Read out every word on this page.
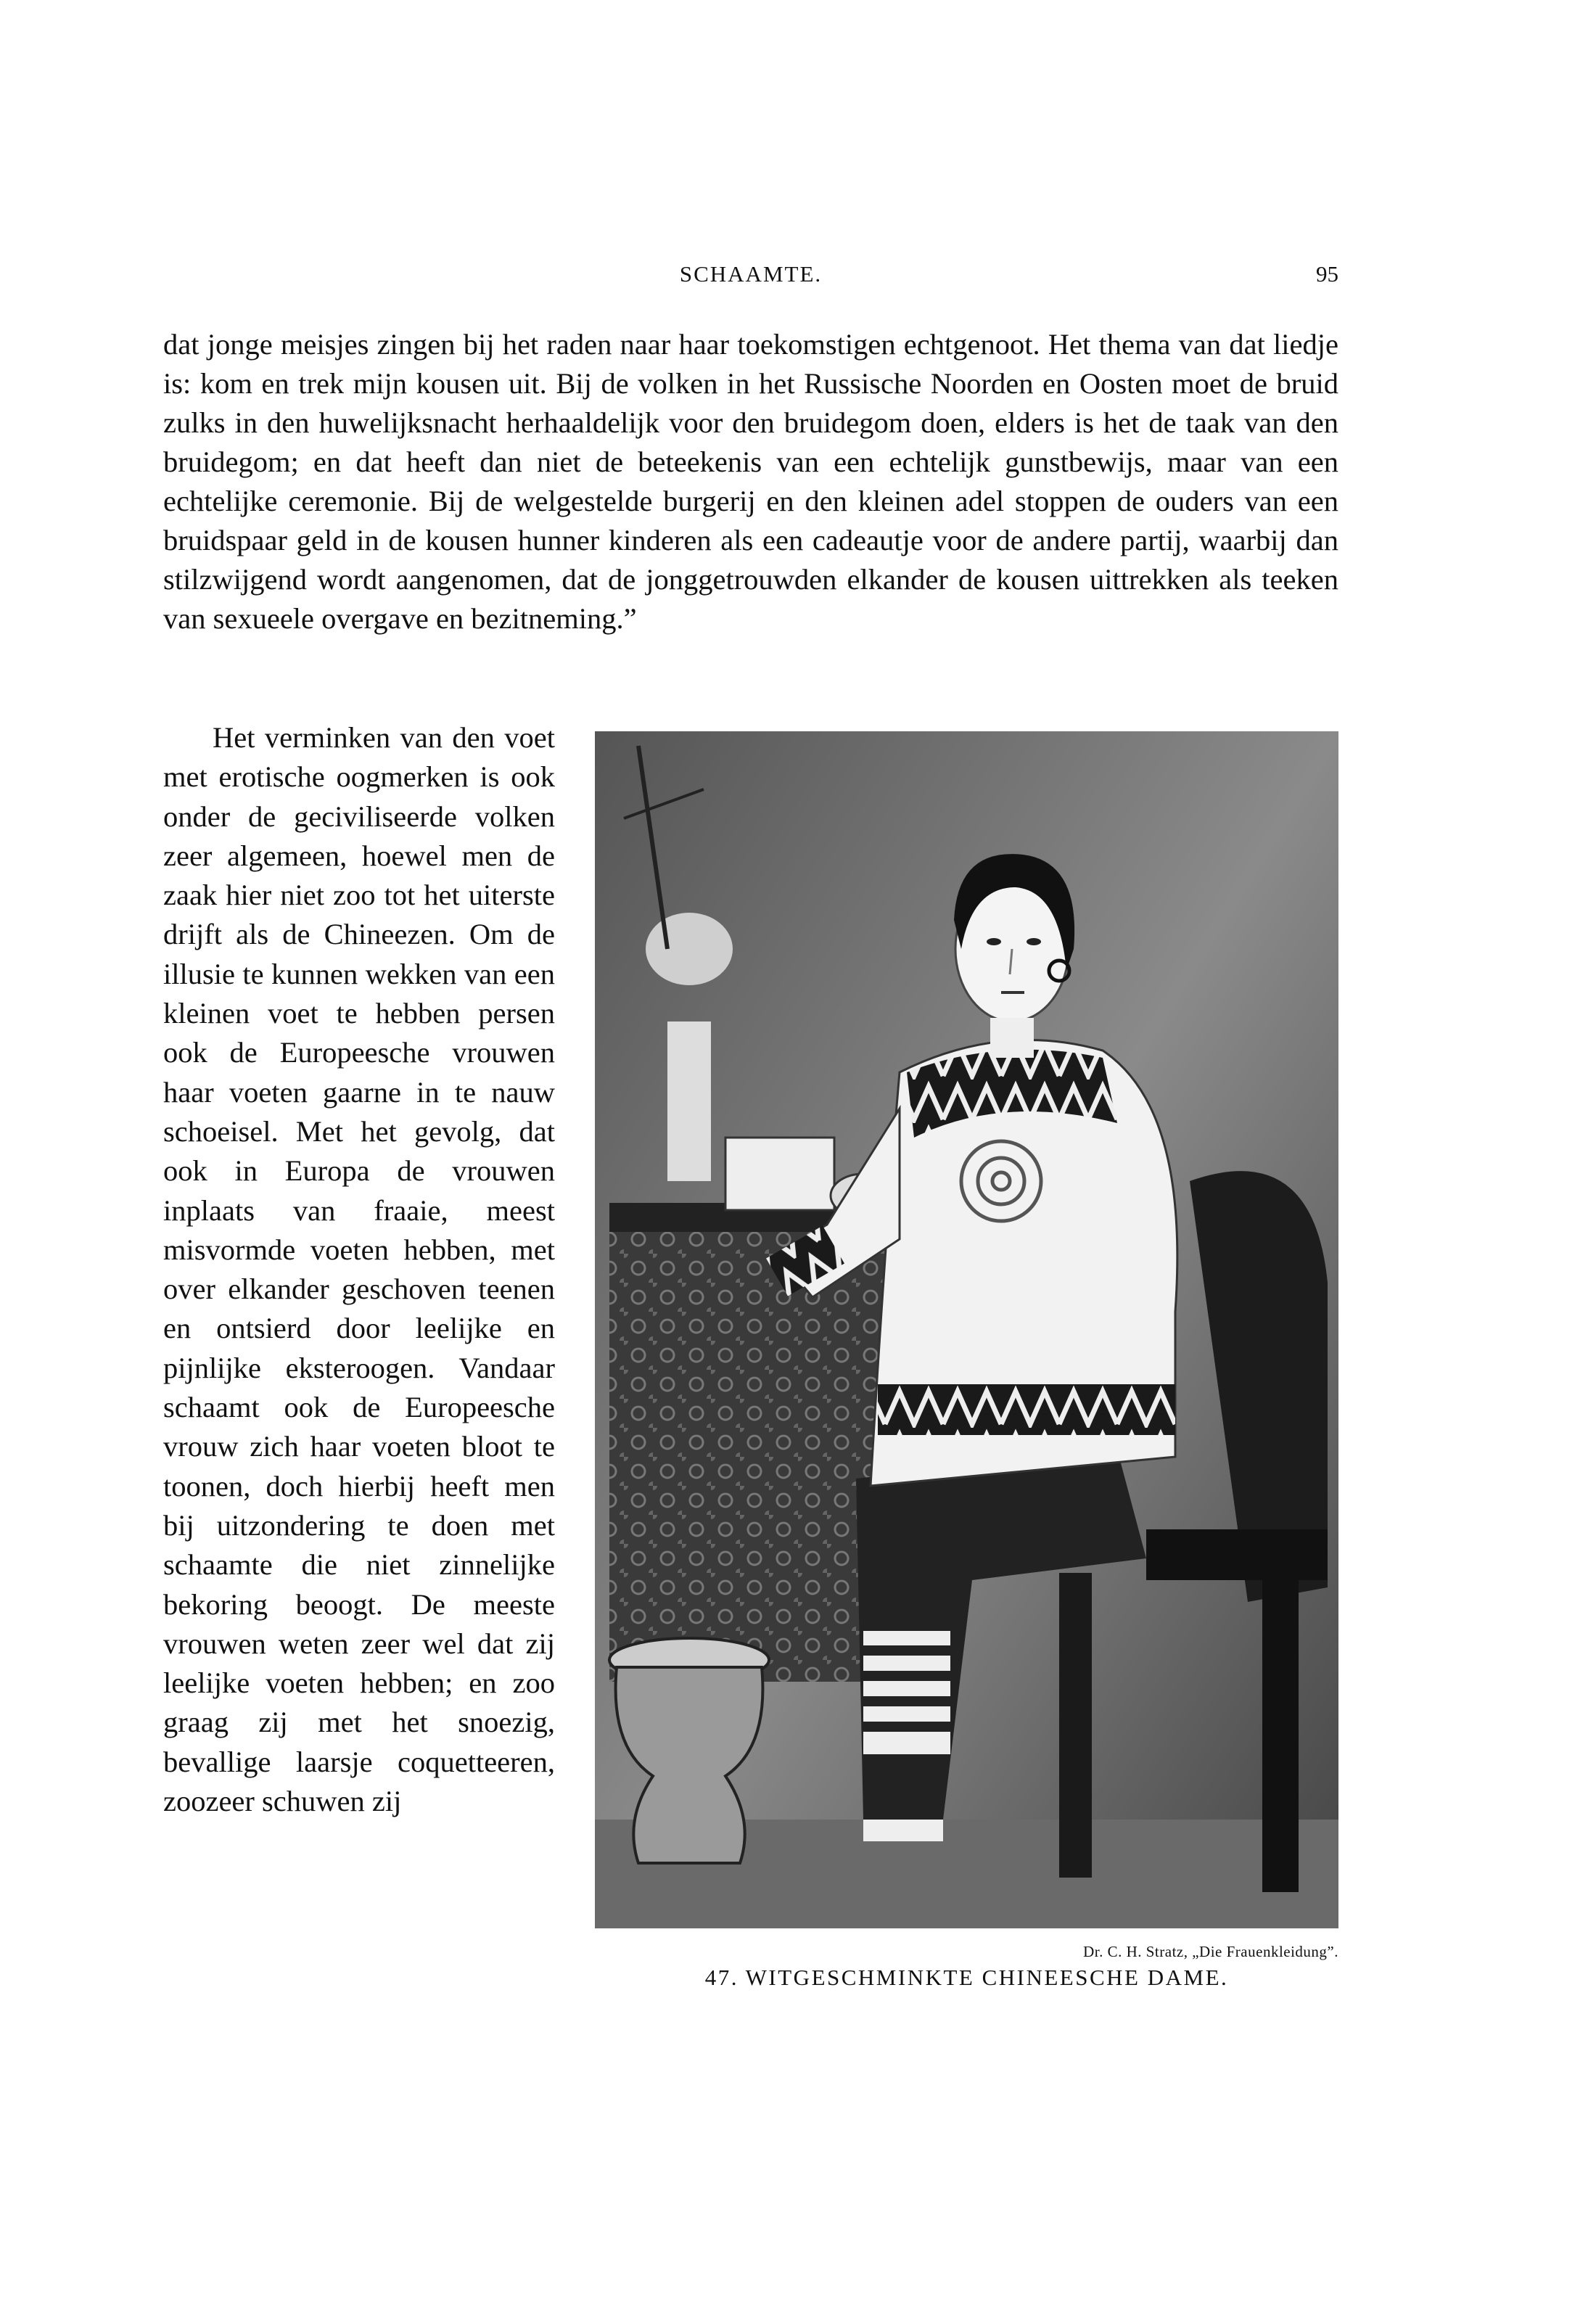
SCHAAMTE.	95

dat jonge meisjes zingen bij het raden naar haar toekomstigen echtgenoot. Het thema van dat liedje is: kom en trek mijn kousen uit. Bij de volken in het Russische Noorden en Oosten moet de bruid zulks in den huwelijksnacht herhaaldelijk voor den bruidegom doen, elders is het de taak van den bruidegom; en dat heeft dan niet de beteekenis van een echtelijk gunstbewijs, maar van een echtelijke ceremonie. Bij de welgestelde burgerij en den kleinen adel stoppen de ouders van een bruidspaar geld in de kousen hunner kinderen als een cadeautje voor de andere partij, waarbij dan stilzwijgend wordt aangenomen, dat de jonggetrouwden elkander de kousen uittrekken als teeken van sexueele overgave en bezitneming.”

Het verminken van den voet met erotische oogmerken is ook onder de geciviliseerde volken zeer algemeen, hoewel men de zaak hier niet zoo tot het uiterste drijft als de Chineezen. Om de illusie te kunnen wekken van een kleinen voet te hebben persen ook de Europeesche vrouwen haar voeten gaarne in te nauw schoeisel. Met het gevolg, dat ook in Europa de vrouwen inplaats van fraaie, meest misvormde voeten hebben, met over elkander geschoven teenen en ontsierd door leelijke en pijnlijke eksteroogen. Vandaar schaamt ook de Europeesche vrouw zich haar voeten bloot te toonen, doch hierbij heeft men bij uitzondering te doen met schaamte die niet zinnelijke bekoring beoogt. De meeste vrouwen weten zeer wel dat zij leelijke voeten hebben; en zoo graag zij met het snoezig, bevallige laarsje coquetteeren, zoozeer schuwen zij

Dr. C. H. Stratz, „Die Frauenkleidung”.
47. WITGESCHMINKTE CHINEESCHE DAME.
